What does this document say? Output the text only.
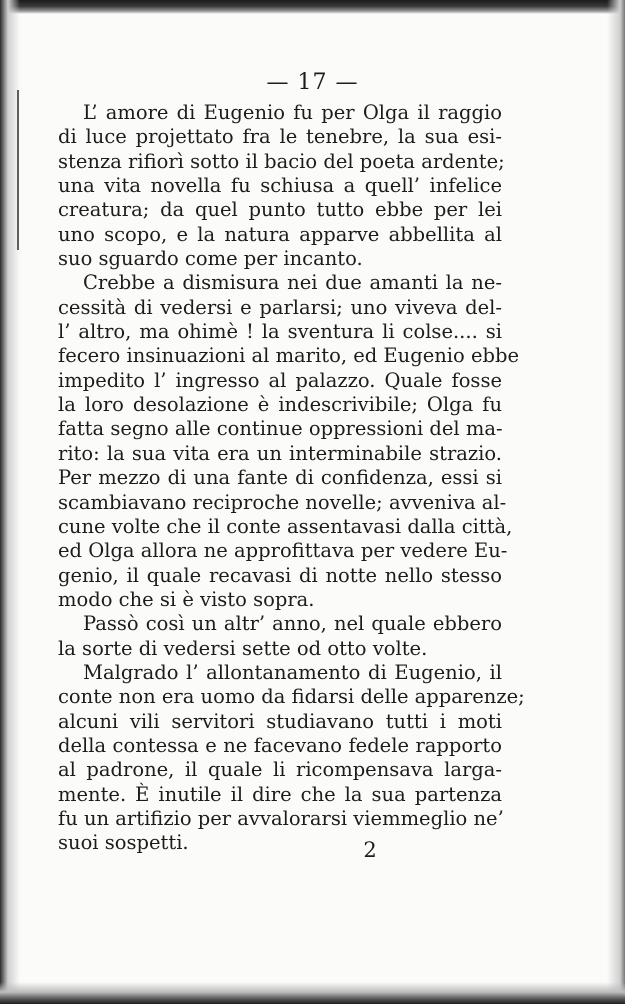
— 17 —
L’ amore di Eugenio fu per Olga il raggio
di luce projettato fra le tenebre, la sua esi-
stenza rifiorì sotto il bacio del poeta ardente;
una vita novella fu schiusa a quell’ infelice
creatura; da quel punto tutto ebbe per lei
uno scopo, e la natura apparve abbellita al
suo sguardo come per incanto.
Crebbe a dismisura nei due amanti la ne-
cessità di vedersi e parlarsi; uno viveva del-
l’ altro, ma ohimè ! la sventura li colse.... si
fecero insinuazioni al marito, ed Eugenio ebbe
impedito l’ ingresso al palazzo. Quale fosse
la loro desolazione è indescrivibile; Olga fu
fatta segno alle continue oppressioni del ma-
rito: la sua vita era un interminabile strazio.
Per mezzo di una fante di confidenza, essi si
scambiavano reciproche novelle; avveniva al-
cune volte che il conte assentavasi dalla città,
ed Olga allora ne approfittava per vedere Eu-
genio, il quale recavasi di notte nello stesso
modo che si è visto sopra.
Passò così un altr’ anno, nel quale ebbero
la sorte di vedersi sette od otto volte.
Malgrado l’ allontanamento di Eugenio, il
conte non era uomo da fidarsi delle apparenze;
alcuni vili servitori studiavano tutti i moti
della contessa e ne facevano fedele rapporto
al padrone, il quale li ricompensava larga-
mente. È inutile il dire che la sua partenza
fu un artifizio per avvalorarsi viemmeglio ne’
suoi sospetti.	2
